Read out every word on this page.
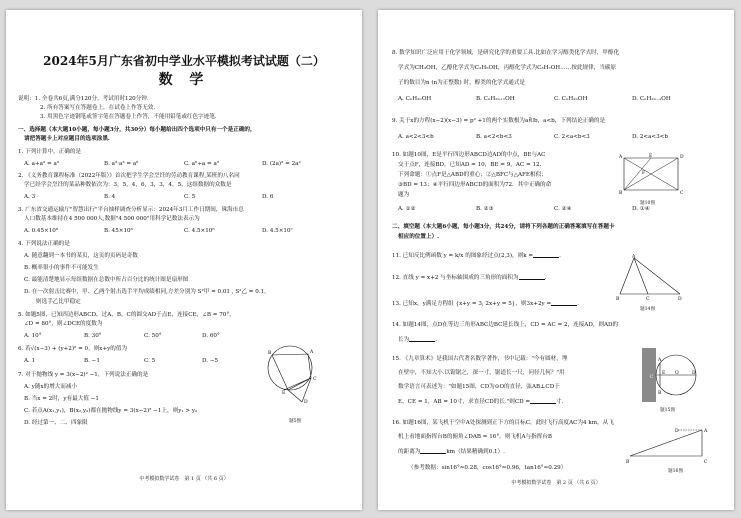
2024年5月广东省初中学业水平模拟考试试题（二）
数 学
说明：1. 全卷共6页,满分120分，考试用时120分钟.
2. 所有答案写在答题卷上，在试卷上作答无效.
3. 用黑色字迹钢笔或签字笔在答题卷上作答，不能用铅笔或红色字迹笔.
一、选择题（本大题10小题，每小题3分，共30分）每小题给出四个选项中只有一个是正确的，
请把答题卡上对应题目的选项涂黑.
1. 下列计算中，正确的是
A. a+a² = a³	B. a²·a³ = a⁶	C. a⁶÷a = a²	D. (2a)² = 2a²
2. 《义务教育课程标准（2022年版）》首次把学生学会烹饪的劳动教育课程,某班的八名同
学已经学会烹饪的菜品种数依次为：3，5，4，6，3，3，4，5，这组数据的众数是
A. 3	B. 4	C. 5	D. 6
3. 广东省交通运输厅"智慧出行"平台抽样调查分析显示：2024年3月工作日期间，珠海市总
人口数基本维持在4 500 000人,数据"4 500 000"用科学记数法表示为
A. 0.45×10⁸	B. 45×10⁶	C. 4.5×10⁶	D. 4.5×10⁷
4. 下列说法正确的是
A. 随意翻到一本书的某页，这页的页码是奇数
B. 概率很小的事件不可能发生
C. 最能清楚地显示每组数据在总数中所占百分比的统计图是扇形图
D. 在一次射击比赛中，甲、乙两个射击选手平均成绩相同,方差分别为 S²甲 = 0.01 , S²乙 = 0.1，
则选手乙比甲稳定
5. 如题5图，已知四边形ABCD，过A，B，C的圆交AD于点E，连接CE，∠B = 70°，
∠D = 80°，则∠DCE的度数为
A. 10°	B. 30°	C. 50°	D. 60°
B	A
C
E
D
题5图
6. 若√(x−3) + (y+2)² = 0，则x+y的值为
A. 1	B. −1	C. 5	D. −5
7. 对于抛物线 y = 3(x−2)² −1，下列说法正确的是
A. y随x的增大而减小
B. 当x = 2时，y有最大值 −1
C. 若点A(x₁,y₁)，B(x₂,y₂)都在抛物线y = 3(x−2)² −1上，则y₁ > y₂
D. 经过第一、二、四象限
中考模拟数学试卷　第 1 页 （共 6 页）
8. 数学知识广泛应用于化学领域，是研究化学的重要工具.比如在学习醇类化学式时，甲醇化
学式为CH₃OH，乙醇化学式为C₂H₅OH，丙醇化学式为C₃H₇OH……按此规律，当碳原
子的数目为n (n为正整数) 时，醇类的化学式通式是
A. CₙH₂ₙOH	B. CₙH₂ₙ₊₁OH	C. CₙH₂ₙOH	D. CₙH₂ₙ₋₁OH
9. 关于x的方程(x−2)(x−3) = p² +1的两个实数根为a和b，a<b，下列结论正确的是
A. a<2<3<b	B. a<2<b<3	C. 2<a<b<3	D. 2<a<3<b
10. 如题10图，E是平行四边形ABCD边AD的中点，BE与AC
交于点F，连接BD，已知AD = 10，BE = 9，AC = 12.
下列命题：①点F是△ABD的重心；②△BFC与△AFE相似；
③BD = 13；④平行四边形ABCD的面积为72．其中正确的命
题为
A. ①②	B. ②③	C. ②④	D. ①④
A	E	D
B	C
F
题10图
二、填空题（本大题6小题，每小题3分，共24分，请将下列各题的正确答案填写在答题卡
相应的位置上）.
11. 已知反比例函数 y = k/x 的图象经过点(2,3)，则k =	.
12. 直线 y = x+2 与坐标轴围成的三角形的面积为	.
13. 已知x，y满足方程组 {x+y = 3, 2x+y = 5}，则3x+2y =	.
A
B	C	D
题14图
14. 如题14图，点D在等边三角形ABC边BC延长线上，CD = AC = 2，连接AD，则AD的
长为	.
15. 《九章算术》是我国古代著名数学著作，书中记载："今有圆材，埋
在壁中，不知大小.以锯锯之，深一寸，锯道长一尺，问径几何？"用
数学语言可表述为："如题15图，CD为⊙O的直径，弦AB⊥CD于
E，CE = 1，AB = 10寸，求直径CD的长."则CD =	寸.
A
B
C
E O	D
题15图
16. 如题16图，某飞机于空中A处探测到正下方的目标C，此时飞行高度AC为4 km，从飞
机上看地面指挥台B的俯角∠DAB = 16°，则飞机A与指挥台B
的距离为	km（结果精确到0.1）.
（参考数据：sin16°≈0.28，cos16°≈0.96，tan16°≈0.29）
B	C
A
D
题16图
中考模拟数学试卷　第 2 页 （共 6 页）
